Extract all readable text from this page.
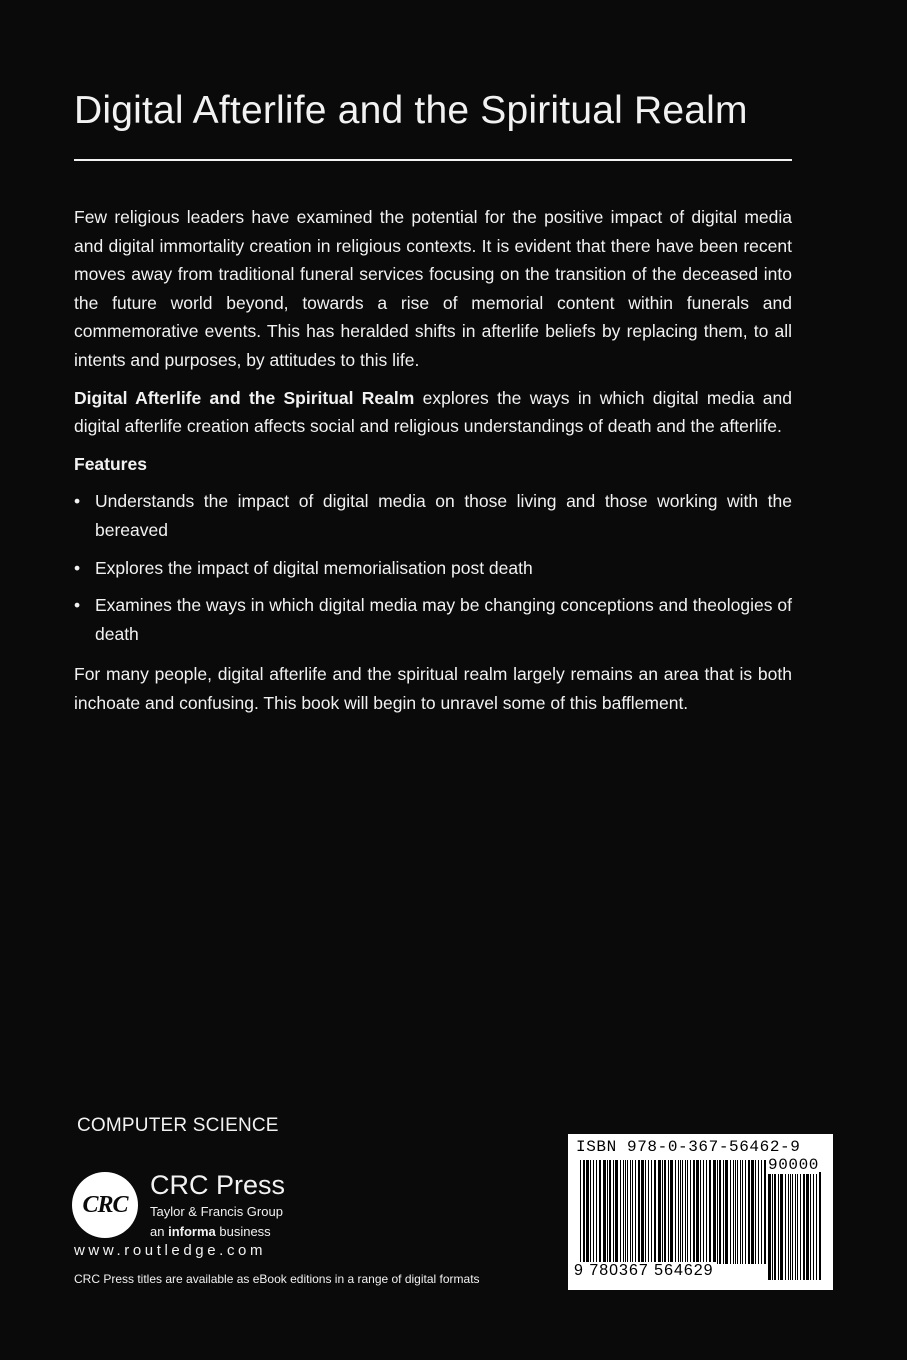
Digital Afterlife and the Spiritual Realm

Few religious leaders have examined the potential for the positive impact of digital media and digital immortality creation in religious contexts. It is evident that there have been recent moves away from traditional funeral services focusing on the transition of the deceased into the future world beyond, towards a rise of memorial content within funerals and commemorative events. This has heralded shifts in afterlife beliefs by replacing them, to all intents and purposes, by attitudes to this life.

Digital Afterlife and the Spiritual Realm explores the ways in which digital media and digital afterlife creation affects social and religious understandings of death and the afterlife.

Features

• Understands the impact of digital media on those living and those working with the bereaved
• Explores the impact of digital memorialisation post death
• Examines the ways in which digital media may be changing conceptions and theologies of death

For many people, digital afterlife and the spiritual realm largely remains an area that is both inchoate and confusing. This book will begin to unravel some of this bafflement.

COMPUTER SCIENCE
CRC
CRC Press
Taylor & Francis Group
an informa business
www.routledge.com
CRC Press titles are available as eBook editions in a range of digital formats
ISBN 978-0-367-56462-9
90000
9 780367 564629
